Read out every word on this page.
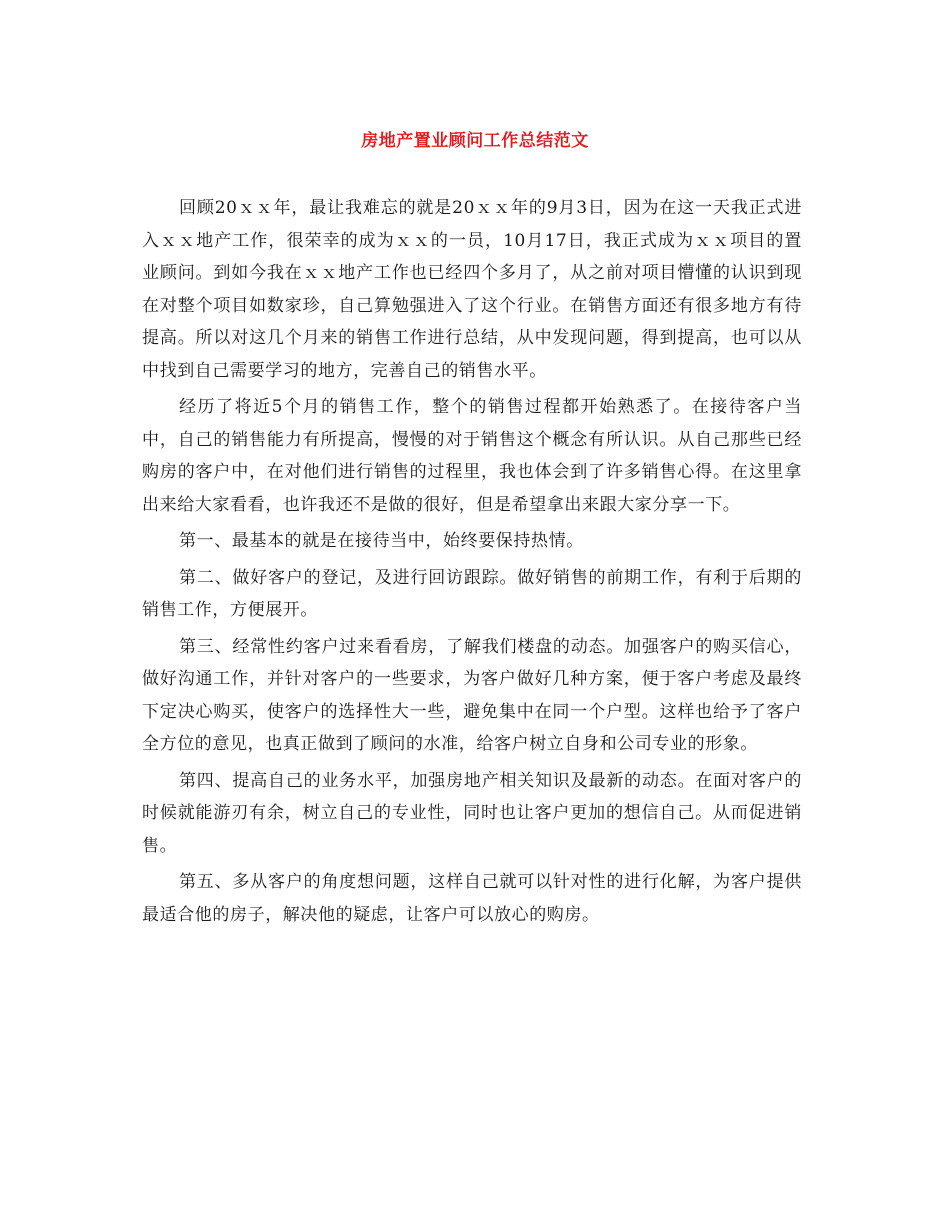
房地产置业顾问工作总结范文

回顾20ｘｘ年，最让我难忘的就是20ｘｘ年的9月3日，因为在这一天我正式进入ｘｘ地产工作，很荣幸的成为ｘｘ的一员，10月17日，我正式成为ｘｘ项目的置业顾问。到如今我在ｘｘ地产工作也已经四个多月了，从之前对项目懵懂的认识到现在对整个项目如数家珍，自己算勉强进入了这个行业。在销售方面还有很多地方有待提高。所以对这几个月来的销售工作进行总结，从中发现问题，得到提高，也可以从中找到自己需要学习的地方，完善自己的销售水平。

经历了将近5个月的销售工作，整个的销售过程都开始熟悉了。在接待客户当中，自己的销售能力有所提高，慢慢的对于销售这个概念有所认识。从自己那些已经购房的客户中，在对他们进行销售的过程里，我也体会到了许多销售心得。在这里拿出来给大家看看，也许我还不是做的很好，但是希望拿出来跟大家分享一下。

第一、最基本的就是在接待当中，始终要保持热情。

第二、做好客户的登记，及进行回访跟踪。做好销售的前期工作，有利于后期的销售工作，方便展开。

第三、经常性约客户过来看看房，了解我们楼盘的动态。加强客户的购买信心，做好沟通工作，并针对客户的一些要求，为客户做好几种方案，便于客户考虑及最终下定决心购买，使客户的选择性大一些，避免集中在同一个户型。这样也给予了客户全方位的意见，也真正做到了顾问的水准，给客户树立自身和公司专业的形象。

第四、提高自己的业务水平，加强房地产相关知识及最新的动态。在面对客户的时候就能游刃有余，树立自己的专业性，同时也让客户更加的想信自己。从而促进销售。

第五、多从客户的角度想问题，这样自己就可以针对性的进行化解，为客户提供最适合他的房子，解决他的疑虑，让客户可以放心的购房。
